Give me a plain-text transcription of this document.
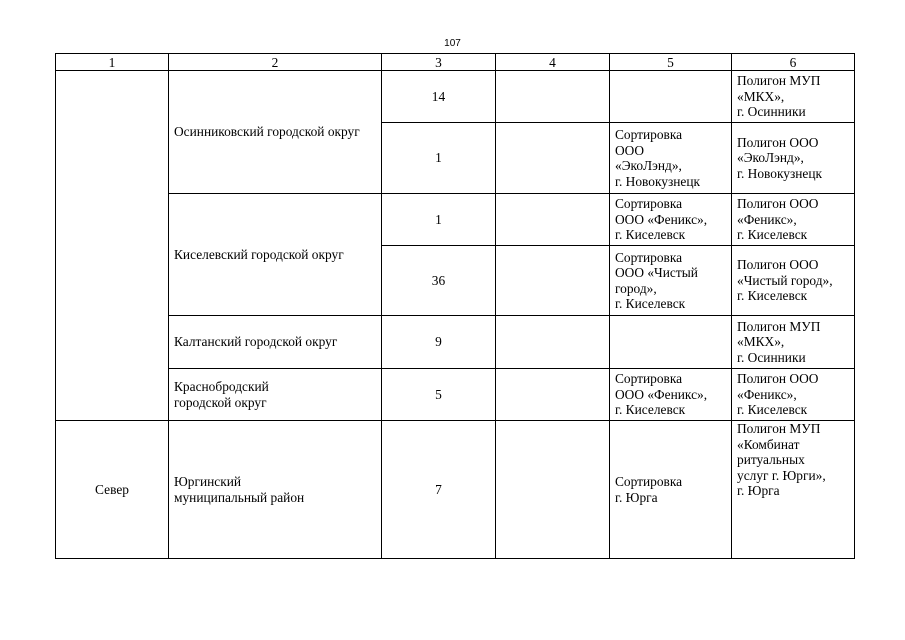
107
1	2	3	4	5	6
	Осинниковский городской округ	14			Полигон МУП
«МКХ»,
г. Осинники
		1		Сортировка
ООО
«ЭкоЛэнд»,
г. Новокузнецк	Полигон ООО
«ЭкоЛэнд»,
г. Новокузнецк
	Киселевский городской округ	1		Сортировка
ООО «Феникс»,
г. Киселевск	Полигон ООО
«Феникс»,
г. Киселевск
		36		Сортировка
ООО «Чистый
город»,
г. Киселевск	Полигон ООО
«Чистый город»,
г. Киселевск
	Калтанский городской округ	9			Полигон МУП
«МКХ»,
г. Осинники
	Краснобродский
городской округ	5		Сортировка
ООО «Феникс»,
г. Киселевск	Полигон ООО
«Феникс»,
г. Киселевск
Север	Юргинский
муниципальный район	7		Сортировка
г. Юрга	Полигон МУП
«Комбинат
ритуальных
услуг г. Юрги»,
г. Юрга
